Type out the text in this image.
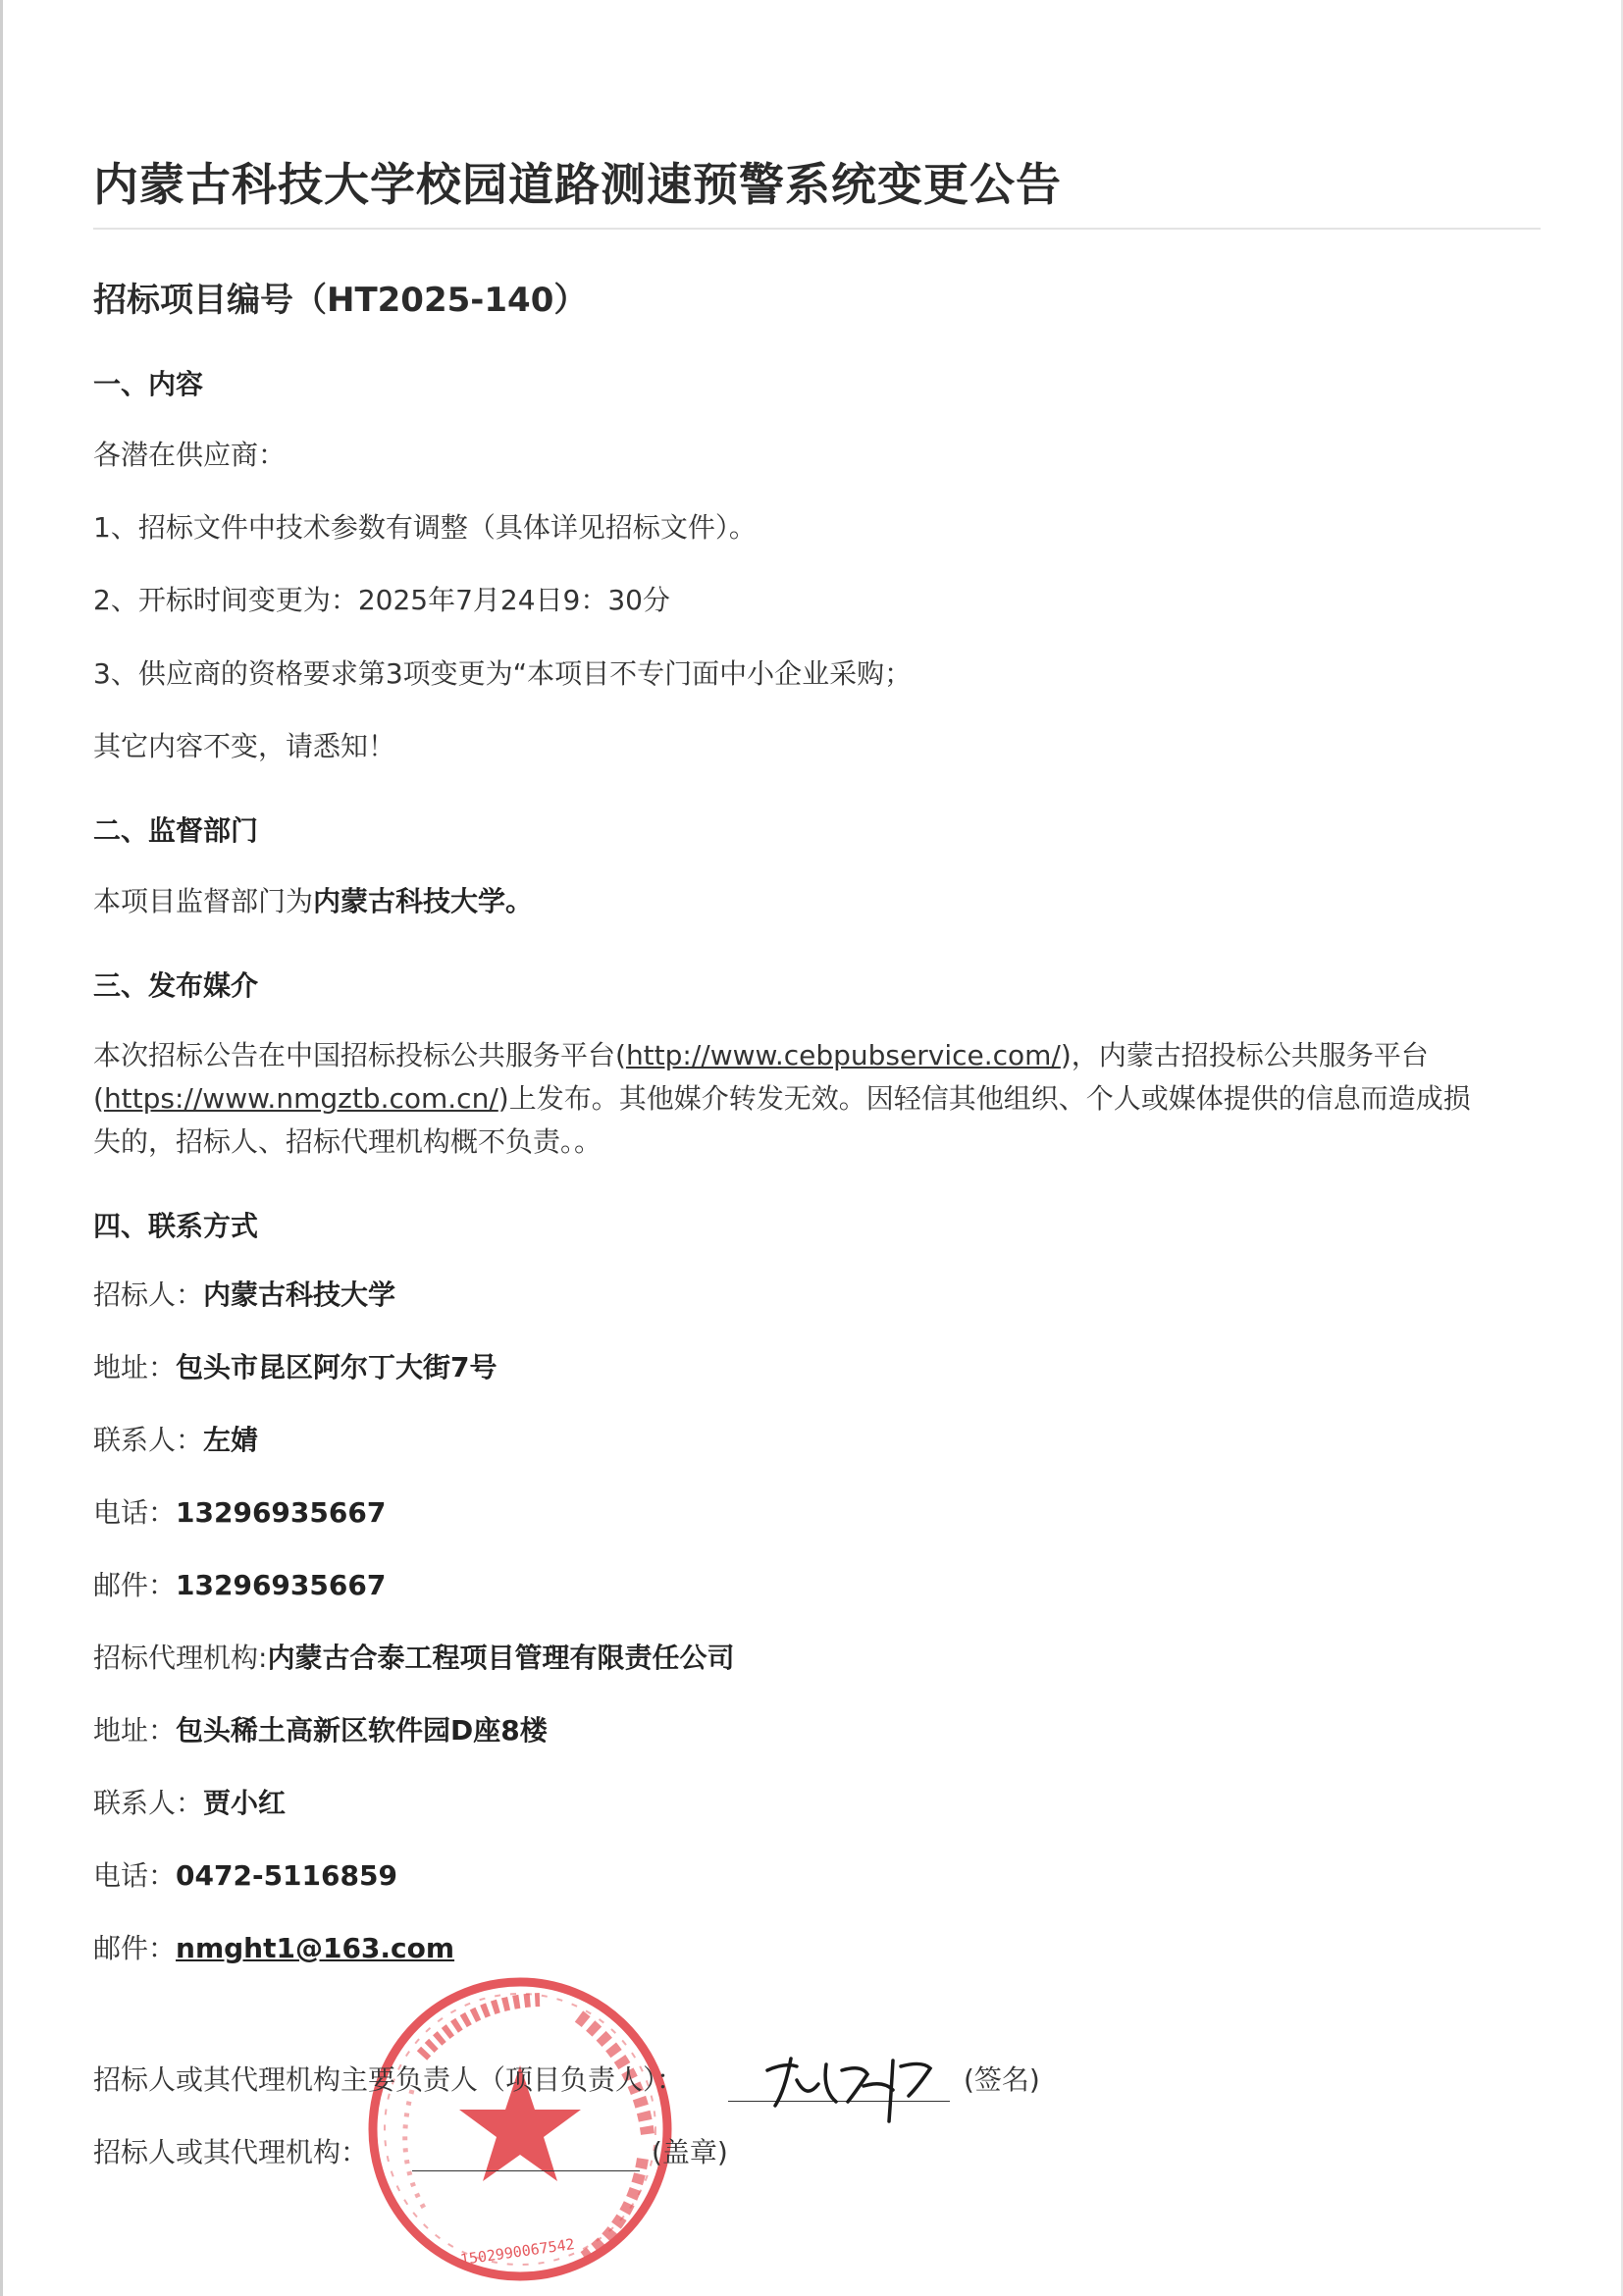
内蒙古科技大学校园道路测速预警系统变更公告
招标项目编号（HT2025-140）
一、内容
各潜在供应商：
1、招标文件中技术参数有调整（具体详见招标文件）。
2、开标时间变更为：2025年7月24日9：30分
3、供应商的资格要求第3项变更为“本项目不专门面中小企业采购；
其它内容不变，请悉知！
二、监督部门
本项目监督部门为内蒙古科技大学。
三、发布媒介
本次招标公告在中国招标投标公共服务平台(http://www.cebpubservice.com/)，内蒙古招投标公共服务平台
(https://www.nmgztb.com.cn/)上发布。其他媒介转发无效。因轻信其他组织、个人或媒体提供的信息而造成损
失的，招标人、招标代理机构概不负责。。
四、联系方式
招标人：内蒙古科技大学
地址：包头市昆区阿尔丁大街7号
联系人：左婧
电话：13296935667
邮件：13296935667
招标代理机构:内蒙古合泰工程项目管理有限责任公司
地址：包头稀土高新区软件园D座8楼
联系人：贾小红
电话：0472-5116859
邮件：nmght1@163.com
1502990067542
招标人或其代理机构主要负责人（项目负责人）：	(签名)
招标人或其代理机构：	(盖章)
